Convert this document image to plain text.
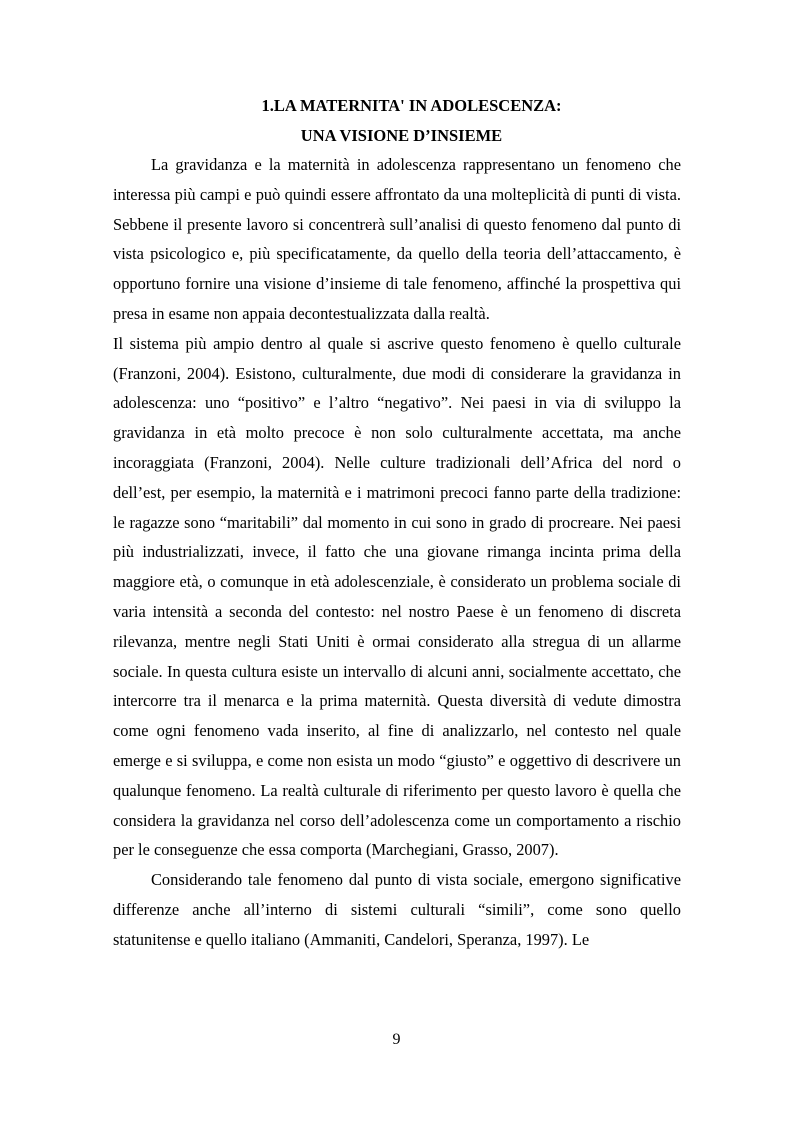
1.LA MATERNITA' IN ADOLESCENZA:
UNA VISIONE D’INSIEME

La gravidanza e la maternità in adolescenza rappresentano un fenomeno che interessa più campi e può quindi essere affrontato da una molteplicità di punti di vista. Sebbene il presente lavoro si concentrerà sull’analisi di questo fenomeno dal punto di vista psicologico e, più specificatamente, da quello della teoria dell’attaccamento, è opportuno fornire una visione d’insieme di tale fenomeno, affinché la prospettiva qui presa in esame non appaia decontestualizzata dalla realtà.

Il sistema più ampio dentro al quale si ascrive questo fenomeno è quello culturale (Franzoni, 2004). Esistono, culturalmente, due modi di considerare la gravidanza in adolescenza: uno “positivo” e l’altro “negativo”. Nei paesi in via di sviluppo la gravidanza in età molto precoce è non solo culturalmente accettata, ma anche incoraggiata (Franzoni, 2004). Nelle culture tradizionali dell’Africa del nord o dell’est, per esempio, la maternità e i matrimoni precoci fanno parte della tradizione: le ragazze sono “maritabili” dal momento in cui sono in grado di procreare. Nei paesi più industrializzati, invece, il fatto che una giovane rimanga incinta prima della maggiore età, o comunque in età adolescenziale, è considerato un problema sociale di varia intensità a seconda del contesto: nel nostro Paese è un fenomeno di discreta rilevanza, mentre negli Stati Uniti è ormai considerato alla stregua di un allarme sociale. In questa cultura esiste un intervallo di alcuni anni, socialmente accettato, che intercorre tra il menarca e la prima maternità. Questa diversità di vedute dimostra come ogni fenomeno vada inserito, al fine di analizzarlo, nel contesto nel quale emerge e si sviluppa, e come non esista un modo “giusto” e oggettivo di descrivere un qualunque fenomeno. La realtà culturale di riferimento per questo lavoro è quella che considera la gravidanza nel corso dell’adolescenza come un comportamento a rischio per le conseguenze che essa comporta (Marchegiani, Grasso, 2007).

Considerando tale fenomeno dal punto di vista sociale, emergono significative differenze anche all’interno di sistemi culturali “simili”, come sono quello statunitense e quello italiano (Ammaniti, Candelori, Speranza, 1997). Le

9
